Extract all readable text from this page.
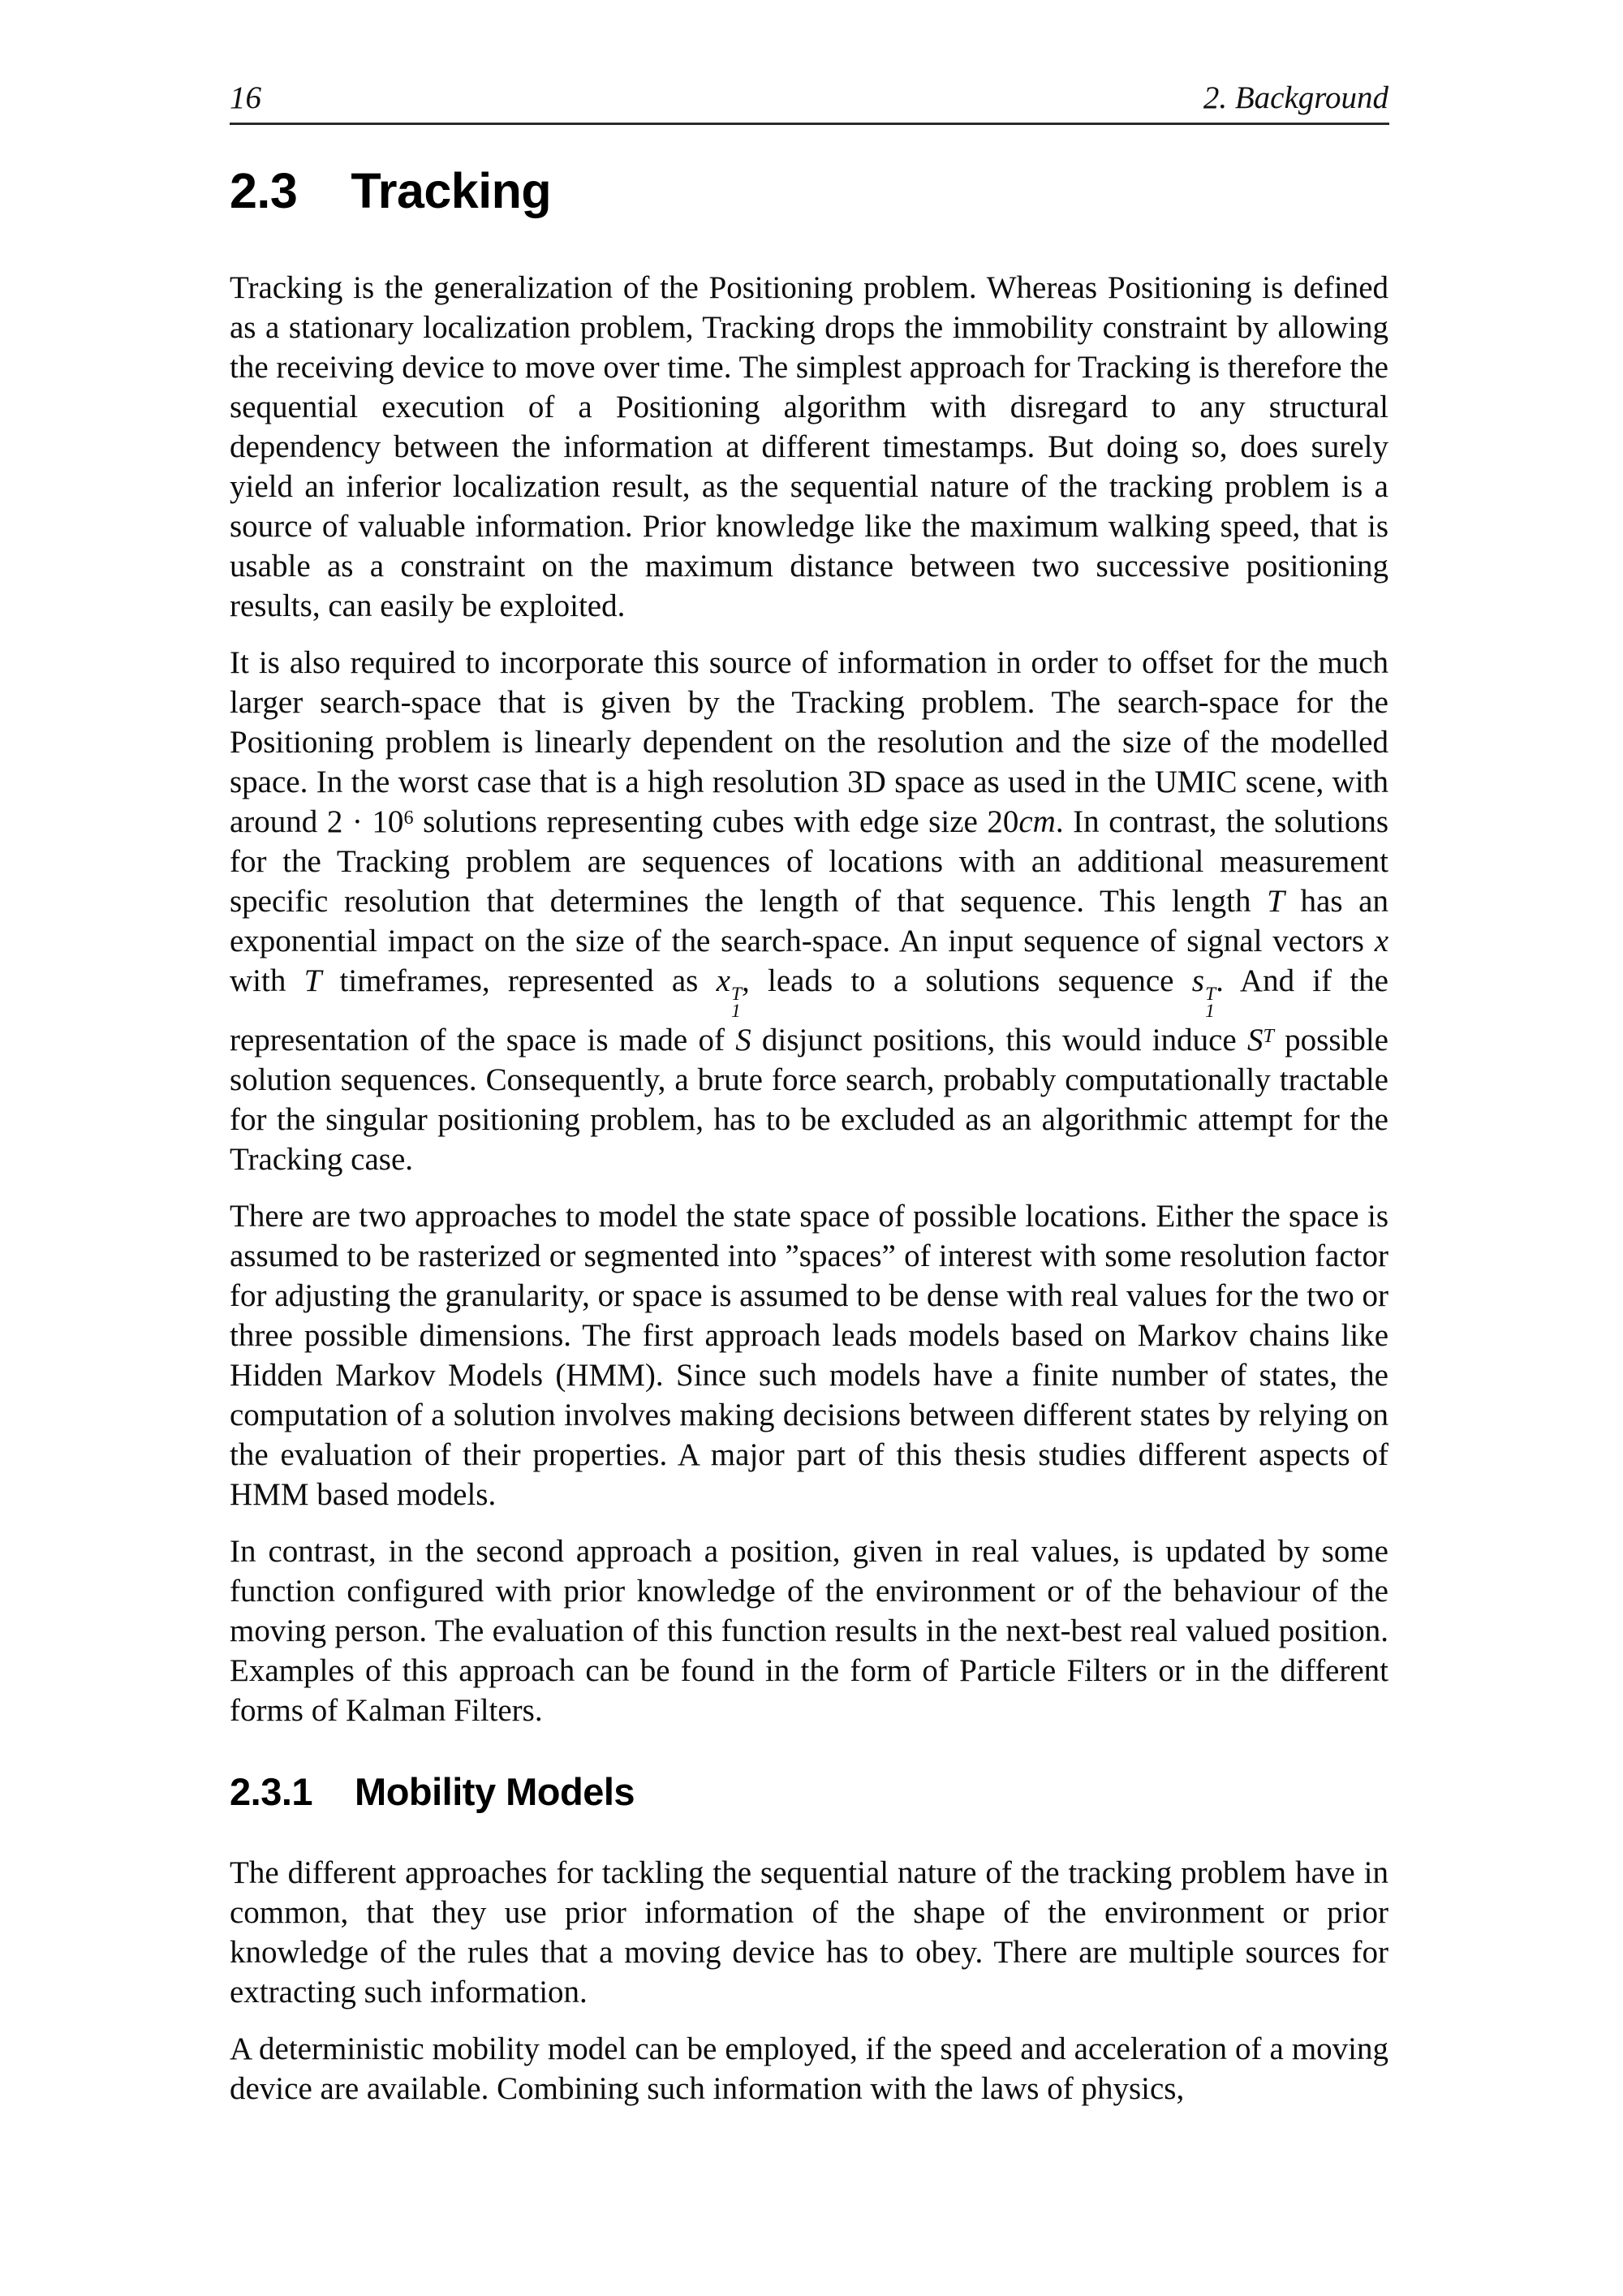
16	2. Background
2.3 Tracking

Tracking is the generalization of the Positioning problem. Whereas Positioning is defined as a stationary localization problem, Tracking drops the immobility constraint by allowing the receiving device to move over time. The simplest approach for Tracking is therefore the sequential execution of a Positioning algorithm with disregard to any structural dependency between the information at different timestamps. But doing so, does surely yield an inferior localization result, as the sequential nature of the tracking problem is a source of valuable information. Prior knowledge like the maximum walking speed, that is usable as a constraint on the maximum distance between two successive positioning results, can easily be exploited.

It is also required to incorporate this source of information in order to offset for the much larger search-space that is given by the Tracking problem. The search-space for the Positioning problem is linearly dependent on the resolution and the size of the modelled space. In the worst case that is a high resolution 3D space as used in the UMIC scene, with around $2 \cdot 10^6$ solutions representing cubes with edge size 20cm. In contrast, the solutions for the Tracking problem are sequences of locations with an additional measurement specific resolution that determines the length of that sequence. This length T has an exponential impact on the size of the search-space. An input sequence of signal vectors x with T timeframes, represented as x T
1
, leads to a solutions sequence s T
1
. And if the representation of the space is made of S disjunct positions, this would induce $S^T$ possible solution sequences. Consequently, a brute force search, probably computationally tractable for the singular positioning problem, has to be excluded as an algorithmic attempt for the Tracking case.

There are two approaches to model the state space of possible locations. Either the space is assumed to be rasterized or segmented into ”spaces” of interest with some resolution factor for adjusting the granularity, or space is assumed to be dense with real values for the two or three possible dimensions. The first approach leads models based on Markov chains like Hidden Markov Models (HMM). Since such models have a finite number of states, the computation of a solution involves making decisions between different states by relying on the evaluation of their properties. A major part of this thesis studies different aspects of HMM based models.

In contrast, in the second approach a position, given in real values, is updated by some function configured with prior knowledge of the environment or of the behaviour of the moving person. The evaluation of this function results in the next-best real valued position. Examples of this approach can be found in the form of Particle Filters or in the different forms of Kalman Filters.

2.3.1 Mobility Models

The different approaches for tackling the sequential nature of the tracking problem have in common, that they use prior information of the shape of the environment or prior knowledge of the rules that a moving device has to obey. There are multiple sources for extracting such information.

A deterministic mobility model can be employed, if the speed and acceleration of a moving device are available. Combining such information with the laws of physics,
